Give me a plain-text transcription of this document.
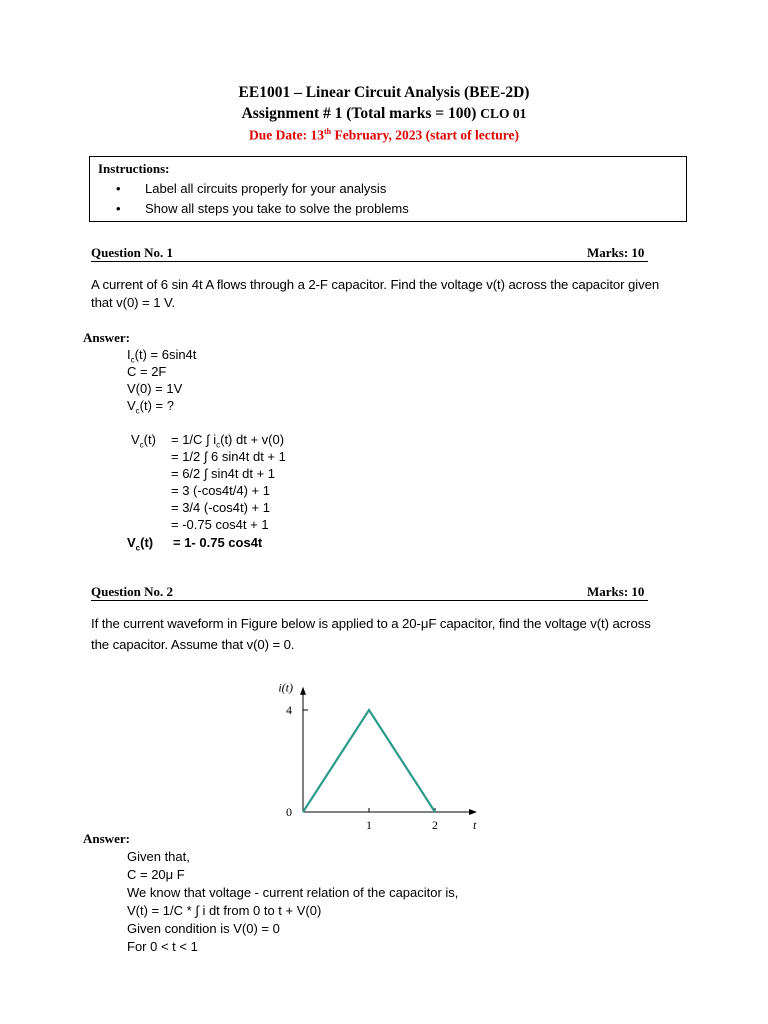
EE1001 – Linear Circuit Analysis (BEE-2D)
Assignment # 1 (Total marks = 100) CLO 01
Due Date: 13th February, 2023 (start of lecture)
Instructions:
• Label all circuits properly for your analysis
• Show all steps you take to solve the problems
Question No. 1	Marks: 10
A current of 6 sin 4t A flows through a 2-F capacitor. Find the voltage v(t) across the capacitor given
that v(0) = 1 V.
Answer:
$I_c(t) = 6\sin 4t$
C = 2F
V(0) = 1V
$V_c(t)$ = ?
$V_c(t) = 1/C$ ∫ $i_c(t)$ dt + v(0)
= 1/2 ∫ 6 sin4t dt + 1
= 6/2 ∫ sin4t dt + 1
= 3 (-cos4t/4) + 1
= 3/4 (-cos4t) + 1
= -0.75 cos4t + 1
$V_c(t) = 1-$ 0.75 cos4t
Question No. 2	Marks: 10
If the current waveform in Figure below is applied to a 20-μF capacitor, find the voltage v(t) across
the capacitor. Assume that v(0) = 0.
1	2
4
0
t
i(t)
Answer:
Given that,
C = 20μ F
We know that voltage - current relation of the capacitor is,
V(t) = 1/C * ∫ i dt from 0 to t + V(0)
Given condition is V(0) = 0
For 0 < t < 1
